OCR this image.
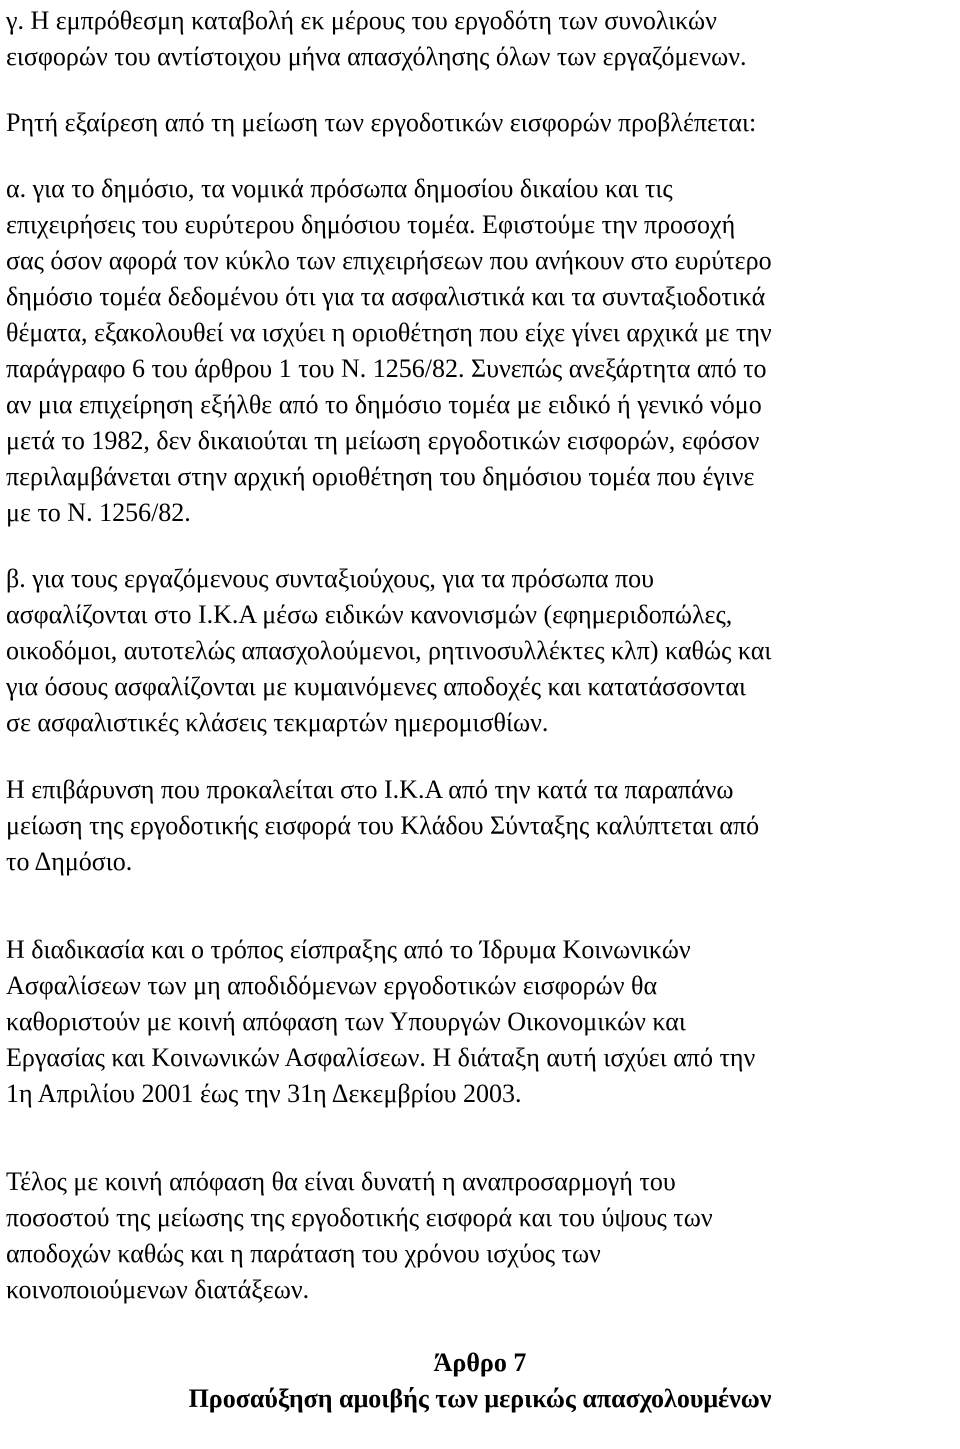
γ. Η εμπρόθεσμη καταβολή εκ μέρους του εργοδότη των συνολικών
εισφορών του αντίστοιχου μήνα απασχόλησης όλων των εργαζόμενων.
Ρητή εξαίρεση από τη μείωση των εργοδοτικών εισφορών προβλέπεται:
α. για το δημόσιο, τα νομικά πρόσωπα δημοσίου δικαίου και τις
επιχειρήσεις του ευρύτερου δημόσιου τομέα. Εφιστούμε την προσοχή
σας όσον αφορά τον κύκλο των επιχειρήσεων που ανήκουν στο ευρύτερο
δημόσιο τομέα δεδομένου ότι για τα ασφαλιστικά και τα συνταξιοδοτικά
θέματα, εξακολουθεί να ισχύει η οριοθέτηση που είχε γίνει αρχικά με την
παράγραφο 6 του άρθρου 1 του Ν. 1256/82. Συνεπώς ανεξάρτητα από το
αν μια επιχείρηση εξήλθε από το δημόσιο τομέα με ειδικό ή γενικό νόμο
μετά το 1982, δεν δικαιούται τη μείωση εργοδοτικών εισφορών, εφόσον
περιλαμβάνεται στην αρχική οριοθέτηση του δημόσιου τομέα που έγινε
με το Ν. 1256/82.
β. για τους εργαζόμενους συνταξιούχους, για τα πρόσωπα που
ασφαλίζονται στο Ι.Κ.Α μέσω ειδικών κανονισμών (εφημεριδοπώλες,
οικοδόμοι, αυτοτελώς απασχολούμενοι, ρητινοσυλλέκτες κλπ) καθώς και
για όσους ασφαλίζονται με κυμαινόμενες αποδοχές και κατατάσσονται
σε ασφαλιστικές κλάσεις τεκμαρτών ημερομισθίων.
Η επιβάρυνση που προκαλείται στο Ι.Κ.Α από την κατά τα παραπάνω
μείωση της εργοδοτικής εισφορά του Κλάδου Σύνταξης καλύπτεται από
το Δημόσιο.
Η διαδικασία και ο τρόπος είσπραξης από το Ίδρυμα Κοινωνικών
Ασφαλίσεων των μη αποδιδόμενων εργοδοτικών εισφορών θα
καθοριστούν με κοινή απόφαση των Υπουργών Οικονομικών και
Εργασίας και Κοινωνικών Ασφαλίσεων. Η διάταξη αυτή ισχύει από την
1η Απριλίου 2001 έως την 31η Δεκεμβρίου 2003.
Τέλος με κοινή απόφαση θα είναι δυνατή η αναπροσαρμογή του
ποσοστού της μείωσης της εργοδοτικής εισφορά και του ύψους των
αποδοχών καθώς και η παράταση του χρόνου ισχύος των
κοινοποιούμενων διατάξεων.
Άρθρο 7
Προσαύξηση αμοιβής των μερικώς απασχολουμένων
